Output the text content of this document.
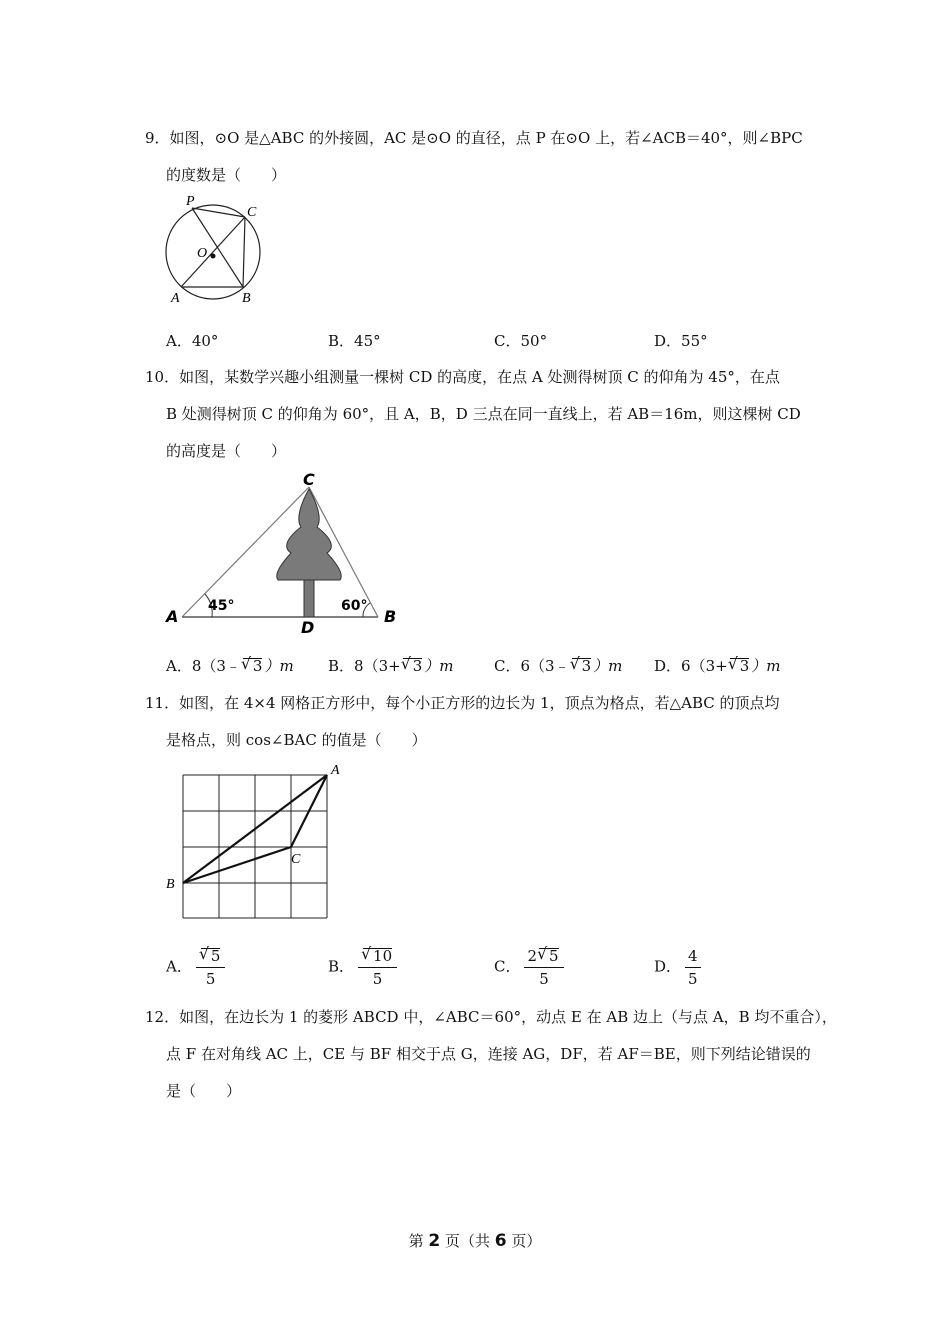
9．如图，⊙O 是△ABC 的外接圆，AC 是⊙O 的直径，点 P 在⊙O 上，若∠ACB＝40°，则∠BPC
的度数是（　　）
P
C
O
A	B
A．40°	B．45°	C．50°	D．55°
10．如图，某数学兴趣小组测量一棵树 CD 的高度，在点 A 处测得树顶 C 的仰角为 45°，在点
B 处测得树顶 C 的仰角为 60°，且 A，B，D 三点在同一直线上，若 AB＝16m，则这棵树 CD
的高度是（　　）
C
A	B
D
45°	60°
A．8（3﹣ √ 3 ）m B．8（3+ √ 3 ）m	C．6（3﹣ √ 3 ）m D．6（3+ √ 3 ）m
11．如图，在 4×4 网格正方形中，每个小正方形的边长为 1，顶点为格点，若△ABC 的顶点均
是格点，则 cos∠BAC 的值是（　　）
A
B
C
A． √ $\frac{5}{5}$	B． √ $\frac{10}{5}$	C． $\frac{2 √ 5}{5}$	D． $\frac{4}{5}$
12．如图，在边长为 1 的菱形 ABCD 中，∠ABC＝60°，动点 E 在 AB 边上（与点 A，B 均不重合），
点 F 在对角线 AC 上，CE 与 BF 相交于点 G，连接 AG，DF，若 AF＝BE，则下列结论错误的
是（　　）
第 2 页（共 6 页）
